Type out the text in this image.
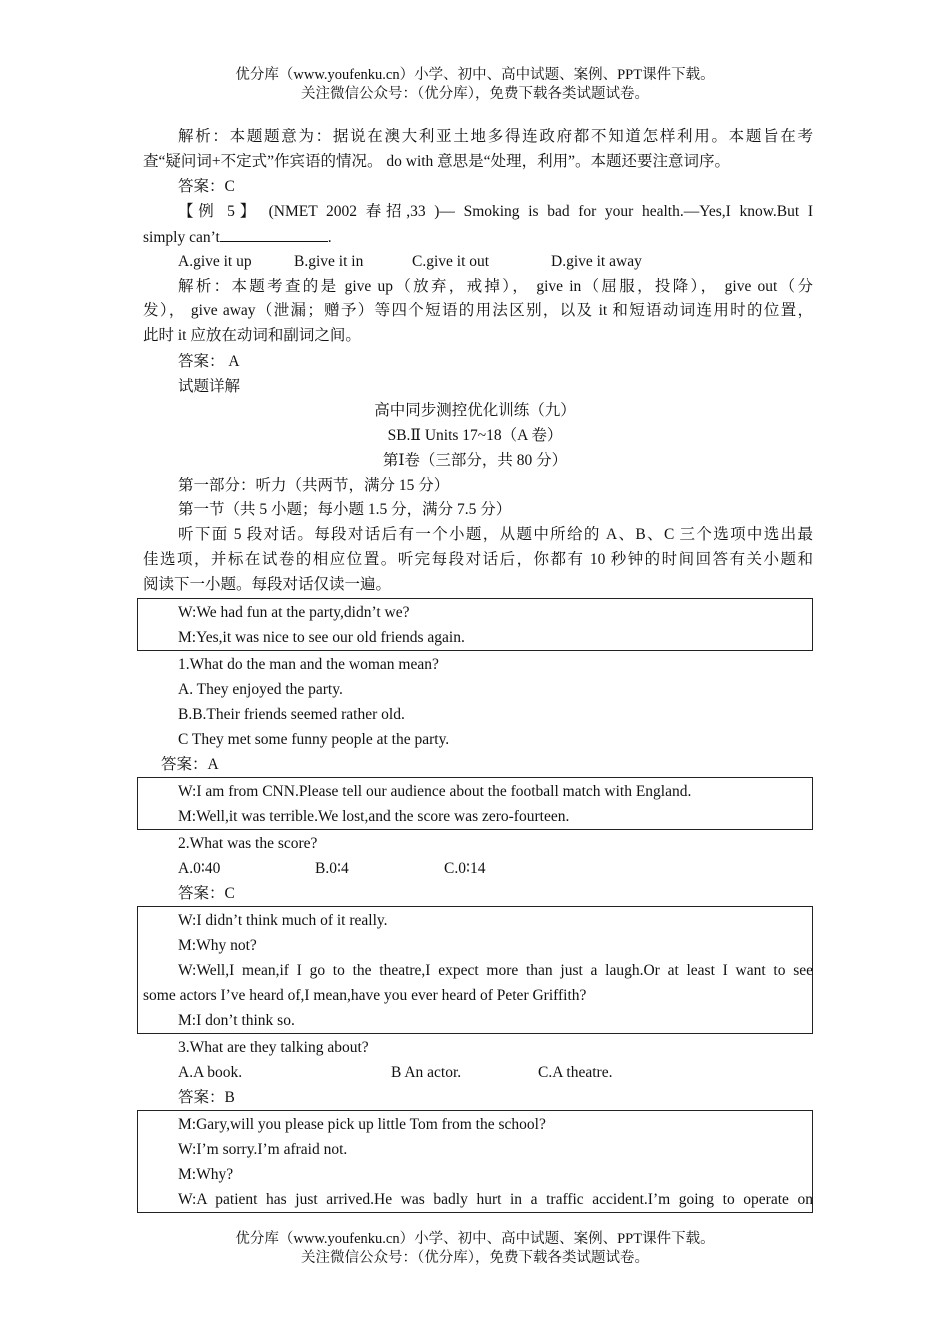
优分库（www.youfenku.cn）小学、初中、高中试题、案例、PPT课件下载。
关注微信公众号：（优分库），免费下载各类试题试卷。
解析：本题题意为：据说在澳大利亚土地多得连政府都不知道怎样利用。本题旨在考
查“疑问词+不定式”作宾语的情况。 do with 意思是“处理，利用”。本题还要注意词序。
答案：C
【例 5】 (NMET 2002 春招,33 )— Smoking is bad for your health.—Yes,I know.But I
simply can’t	.
A.give it up	B.give it in	C.give it out	D.give it away
解析：本题考查的是 give up（放弃，戒掉）， give in（屈服，投降）， give out（分
发）， give away（泄漏；赠予）等四个短语的用法区别，以及 it 和短语动词连用时的位置，
此时 it 应放在动词和副词之间。
答案： A
试题详解
高中同步测控优化训练（九）
SB.Ⅱ Units 17~18（A 卷）
第Ⅰ卷（三部分，共 80 分）
第一部分：听力（共两节，满分 15 分）
第一节（共 5 小题；每小题 1.5 分，满分 7.5 分）
听下面 5 段对话。每段对话后有一个小题，从题中所给的 A、B、C 三个选项中选出最
佳选项，并标在试卷的相应位置。听完每段对话后，你都有 10 秒钟的时间回答有关小题和
阅读下一小题。每段对话仅读一遍。
W:We had fun at the party,didn’t we?
M:Yes,it was nice to see our old friends again.
1.What do the man and the woman mean?
A. They enjoyed the party.
B.B.Their friends seemed rather old.
C They met some funny people at the party.
答案：A
W:I am from CNN.Please tell our audience about the football match with England.
M:Well,it was terrible.We lost,and the score was zero-fourteen.
2.What was the score?
A.0∶40	B.0∶4	C.0∶14
答案：C
W:I didn’t think much of it really.
M:Why not?
W:Well,I mean,if I go to the theatre,I expect more than just a laugh.Or at least I want to see
some actors I’ve heard of,I mean,have you ever heard of Peter Griffith?
M:I don’t think so.
3.What are they talking about?
A.A book.	B An actor.	C.A theatre.
答案：B
M:Gary,will you please pick up little Tom from the school?
W:I’m sorry.I’m afraid not.
M:Why?
W:A patient has just arrived.He was badly hurt in a traffic accident.I’m going to operate on
优分库（www.youfenku.cn）小学、初中、高中试题、案例、PPT课件下载。
关注微信公众号：（优分库），免费下载各类试题试卷。
